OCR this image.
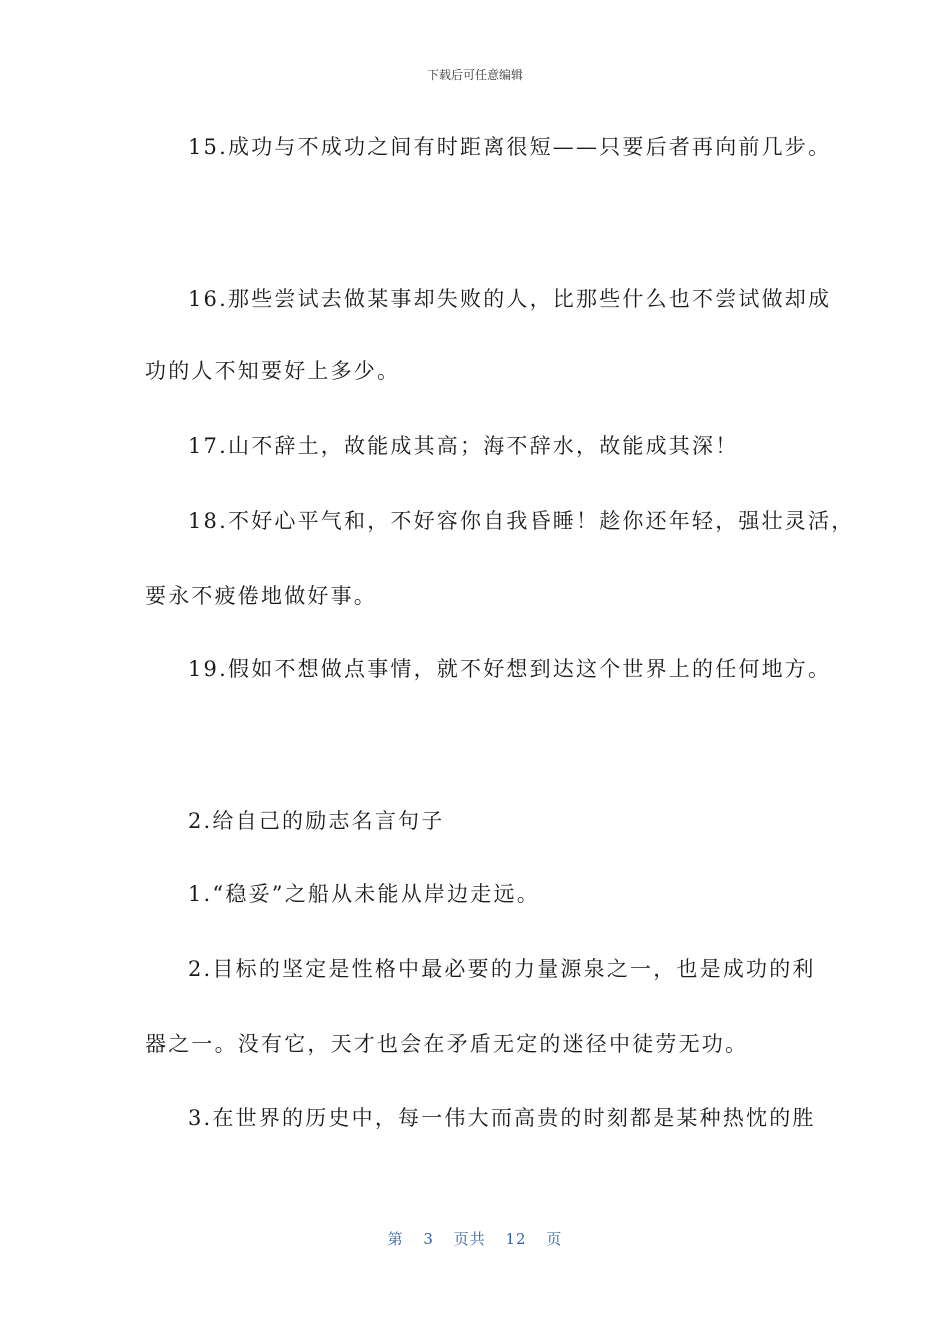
下载后可任意编辑
15.成功与不成功之间有时距离很短——只要后者再向前几步。
16.那些尝试去做某事却失败的人，比那些什么也不尝试做却成
功的人不知要好上多少。
17.山不辞土，故能成其高；海不辞水，故能成其深！
18.不好心平气和，不好容你自我昏睡！趁你还年轻，强壮灵活，
要永不疲倦地做好事。
19.假如不想做点事情，就不好想到达这个世界上的任何地方。
2.给自己的励志名言句子
1.“稳妥”之船从未能从岸边走远。
2.目标的坚定是性格中最必要的力量源泉之一，也是成功的利
器之一。没有它，天才也会在矛盾无定的迷径中徒劳无功。
3.在世界的历史中，每一伟大而高贵的时刻都是某种热忱的胜
第 3 页共 12 页
